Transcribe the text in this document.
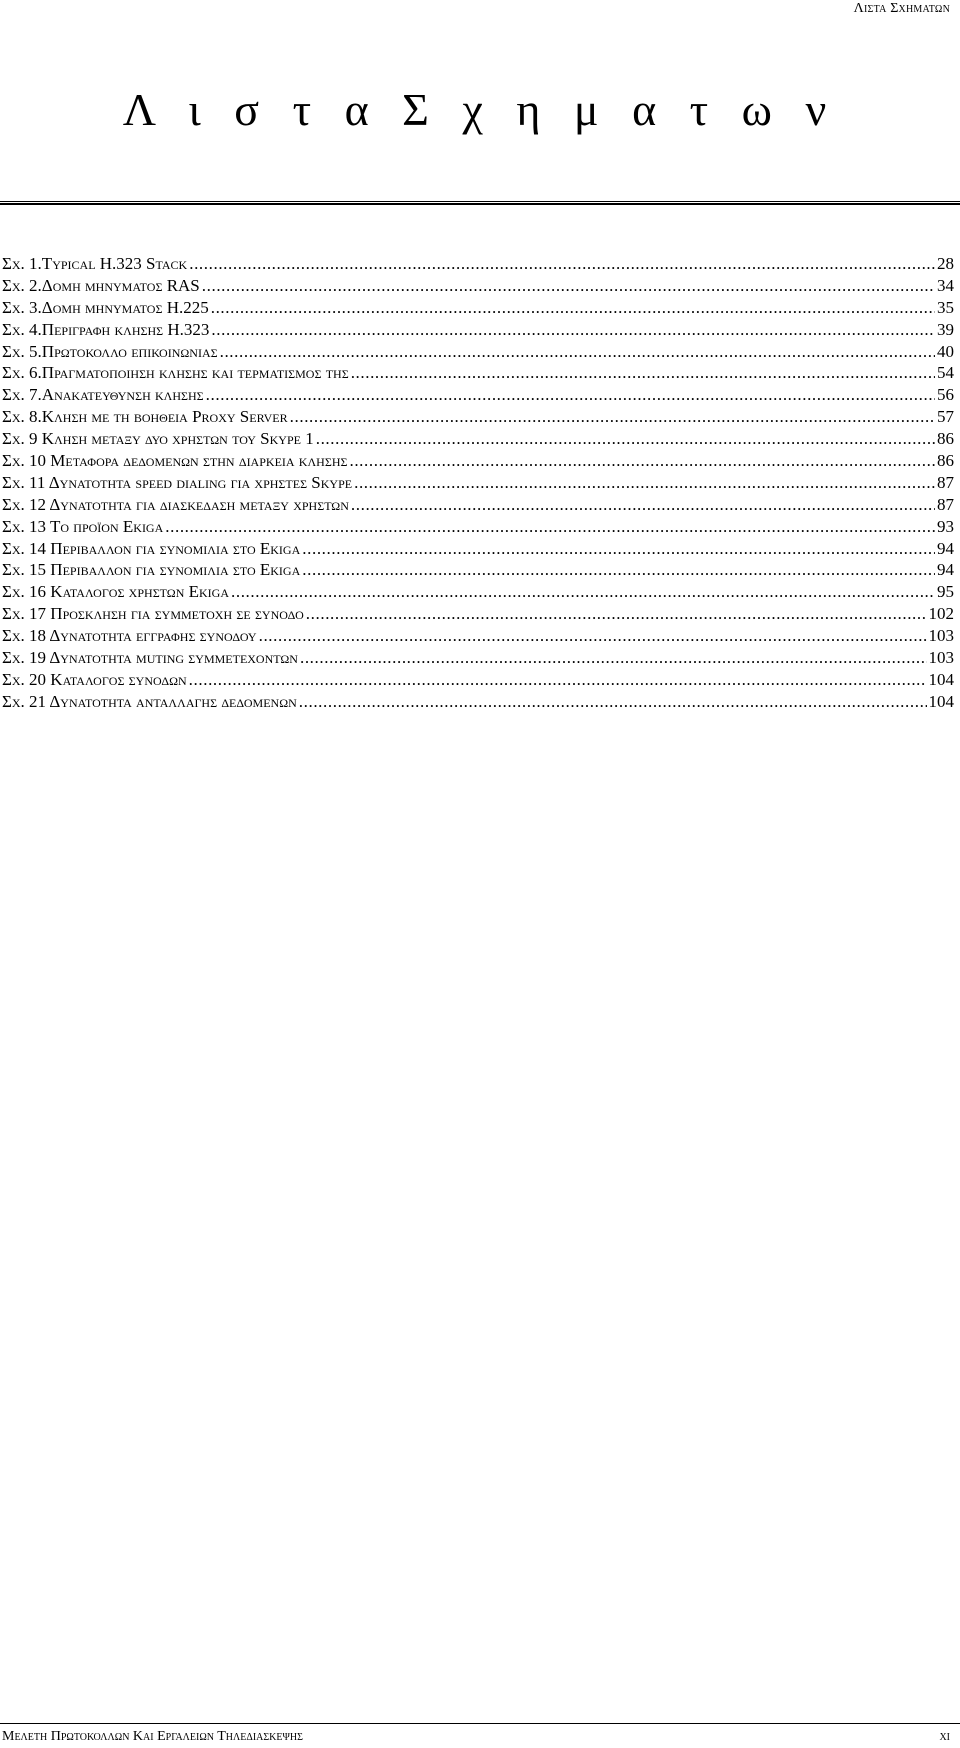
Λιστα Σχηματων
Λ ι σ τ α Σ χ η μ α τ ω ν
Σχ. 1.Typical H.323 Stack .....	28
Σχ. 2.Δομη μηνυματος RAS .....	34
Σχ. 3.Δομη μηνυματος H.225 .....	35
Σχ. 4.Περιγραφη κλησης H.323 .....	39
Σχ. 5.Πρωτοκολλο επικοινωνιας .....	40
Σχ. 6.Πραγματοποιηση κλησης και τερματισμος της .....	54
Σχ. 7.Ανακατευθυνση κλησης .....	56
Σχ. 8.Κληση με τη βοηθεια Proxy Server .....	57
Σχ. 9 Κληση μεταξυ δυο χρηστων του Skype 1 .....	86
Σχ. 10 Μεταφορα δεδομενων στην διαρκεια κλησης .....	86
Σχ. 11 Δυνατοτητα speed dialing για χρηστες Skype .....	87
Σχ. 12 Δυνατοτητα για διασκεδαση μεταξυ χρηστων .....	87
Σχ. 13 Το προϊον Ekiga .....	93
Σχ. 14 Περιβαλλον για συνομιλια στο Ekiga .....	94
Σχ. 15 Περιβαλλον για συνομιλια στο Ekiga .....	94
Σχ. 16 Καταλογος χρηστων Ekiga .....	95
Σχ. 17 Προσκληση για συμμετοχη σε συνοδο .....	102
Σχ. 18 Δυνατοτητα εγγραφης συνοδου .....	103
Σχ. 19 Δυνατοτητα muting συμμετεχοντων .....	103
Σχ. 20 Καταλογος συνοδων .....	104
Σχ. 21 Δυνατοτητα ανταλλαγης δεδομενων .....	104
Μελετη Πρωτοκολλων Και Εργαλειων Τηλεδιασκεψης	xi
